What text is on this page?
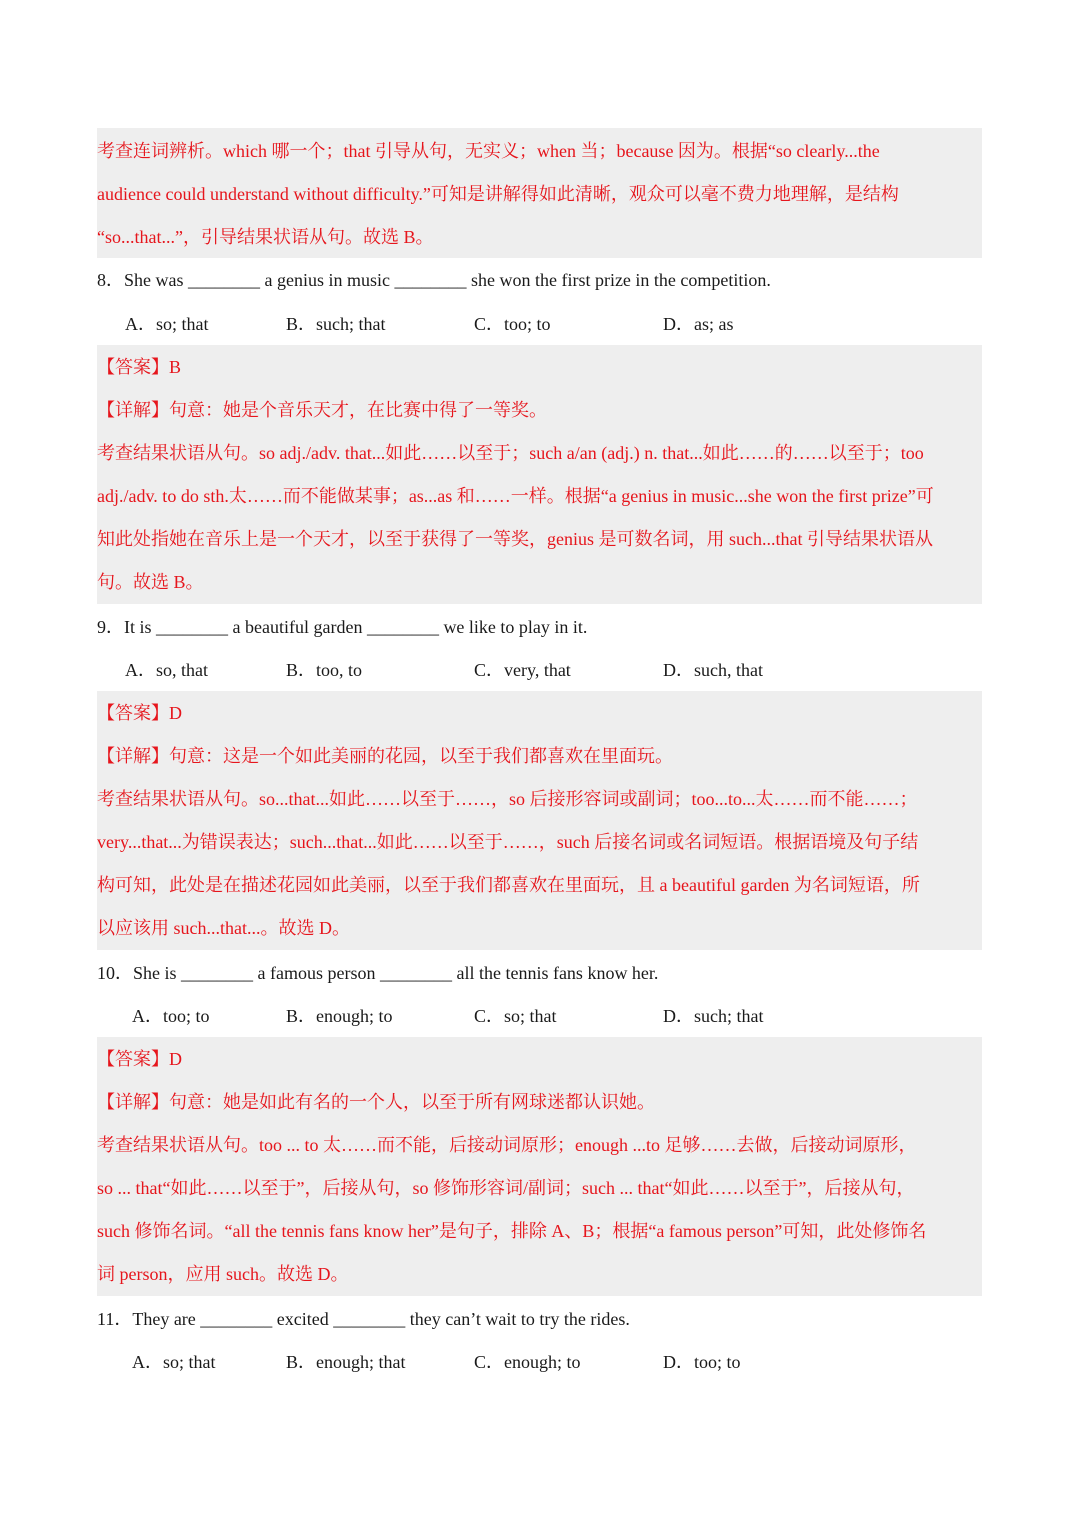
考查连词辨析。which 哪一个；that 引导从句，无实义；when 当；because 因为。根据“so clearly...the
audience could understand without difficulty.”可知是讲解得如此清晰，观众可以毫不费力地理解，是结构
“so...that...”，引导结果状语从句。故选 B。
8．She was ________ a genius in music ________ she won the first prize in the competition.
A．so; that	B．such; that	C．too; to	D．as; as
【答案】B
【详解】句意：她是个音乐天才，在比赛中得了一等奖。
考查结果状语从句。so adj./adv. that...如此……以至于；such a/an (adj.) n. that...如此……的……以至于；too
adj./adv. to do sth.太……而不能做某事；as...as 和……一样。根据“a genius in music...she won the first prize”可
知此处指她在音乐上是一个天才，以至于获得了一等奖，genius 是可数名词，用 such...that 引导结果状语从
句。故选 B。
9．It is ________ a beautiful garden ________ we like to play in it.
A．so, that	B．too, to	C．very, that	D．such, that
【答案】D
【详解】句意：这是一个如此美丽的花园，以至于我们都喜欢在里面玩。
考查结果状语从句。so...that...如此……以至于……，so 后接形容词或副词；too...to...太……而不能……；
very...that...为错误表达；such...that...如此……以至于……，such 后接名词或名词短语。根据语境及句子结
构可知，此处是在描述花园如此美丽，以至于我们都喜欢在里面玩，且 a beautiful garden 为名词短语，所
以应该用 such...that...。故选 D。
10．She is ________ a famous person ________ all the tennis fans know her.
A．too; to	B．enough; to	C．so; that	D．such; that
【答案】D
【详解】句意：她是如此有名的一个人，以至于所有网球迷都认识她。
考查结果状语从句。too ... to 太……而不能，后接动词原形；enough ...to 足够……去做，后接动词原形，
so ... that“如此……以至于”，后接从句，so 修饰形容词/副词；such ... that“如此……以至于”，后接从句，
such 修饰名词。“all the tennis fans know her”是句子，排除 A、B；根据“a famous person”可知，此处修饰名
词 person，应用 such。故选 D。
11．They are ________ excited ________ they can’t wait to try the rides.
A．so; that	B．enough; that	C．enough; to	D．too; to
